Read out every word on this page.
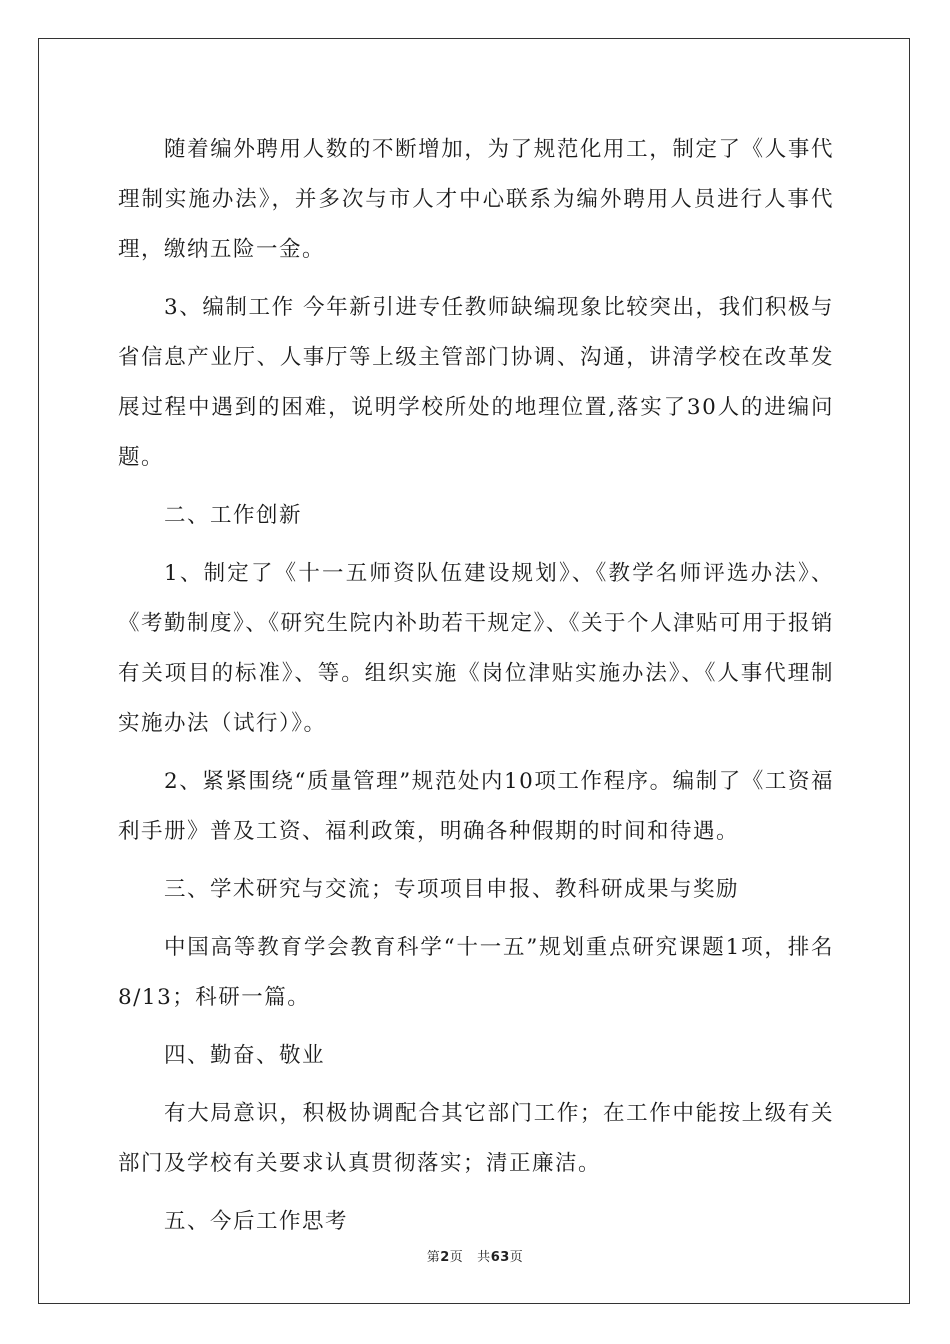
随着编外聘用人数的不断增加，为了规范化用工，制定了《人事代理制实施办法》，并多次与市人才中心联系为编外聘用人员进行人事代理，缴纳五险一金。

3、编制工作 今年新引进专任教师缺编现象比较突出，我们积极与省信息产业厅、人事厅等上级主管部门协调、沟通，讲清学校在改革发展过程中遇到的困难，说明学校所处的地理位置,落实了30人的进编问题。

二、工作创新

1、制定了《十一五师资队伍建设规划》、《教学名师评选办法》、《考勤制度》、《研究生院内补助若干规定》、《关于个人津贴可用于报销有关项目的标准》、等。组织实施《岗位津贴实施办法》、《人事代理制实施办法（试行）》。

2、紧紧围绕“质量管理”规范处内10项工作程序。编制了《工资福利手册》普及工资、福利政策，明确各种假期的时间和待遇。

三、学术研究与交流；专项项目申报、教科研成果与奖励

中国高等教育学会教育科学“十一五”规划重点研究课题1项，排名8/13；科研一篇。

四、勤奋、敬业

有大局意识，积极协调配合其它部门工作；在工作中能按上级有关部门及学校有关要求认真贯彻落实；清正廉洁。

五、今后工作思考

第2页 共63页
